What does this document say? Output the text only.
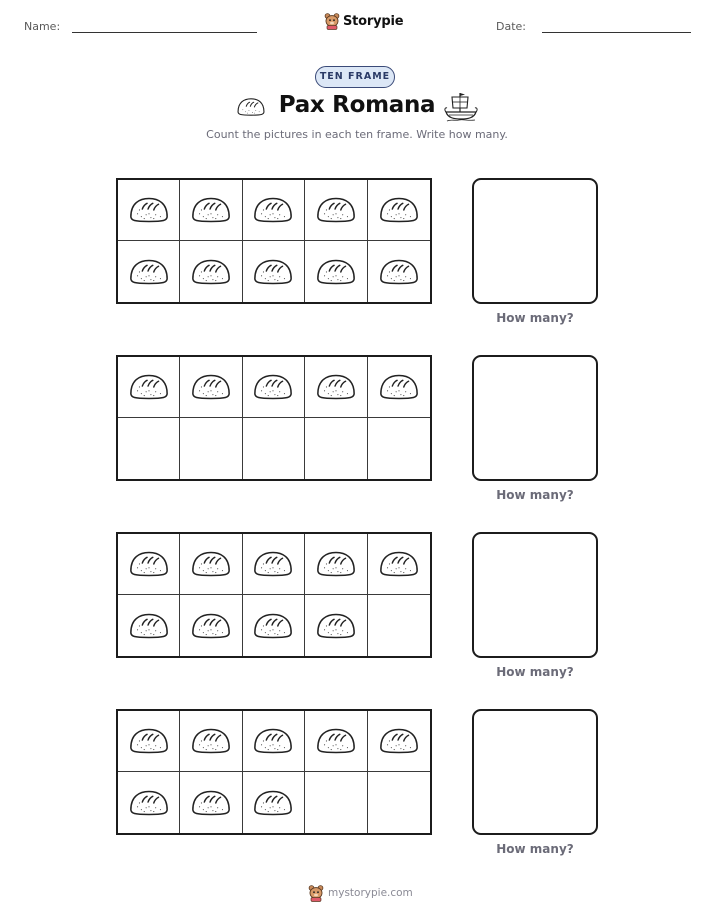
Name:	Storypie	Date:
TEN FRAME
Pax Romana
Count the pictures in each ten frame. Write how many.
How many?
How many?
How many?
How many?
mystorypie.com
